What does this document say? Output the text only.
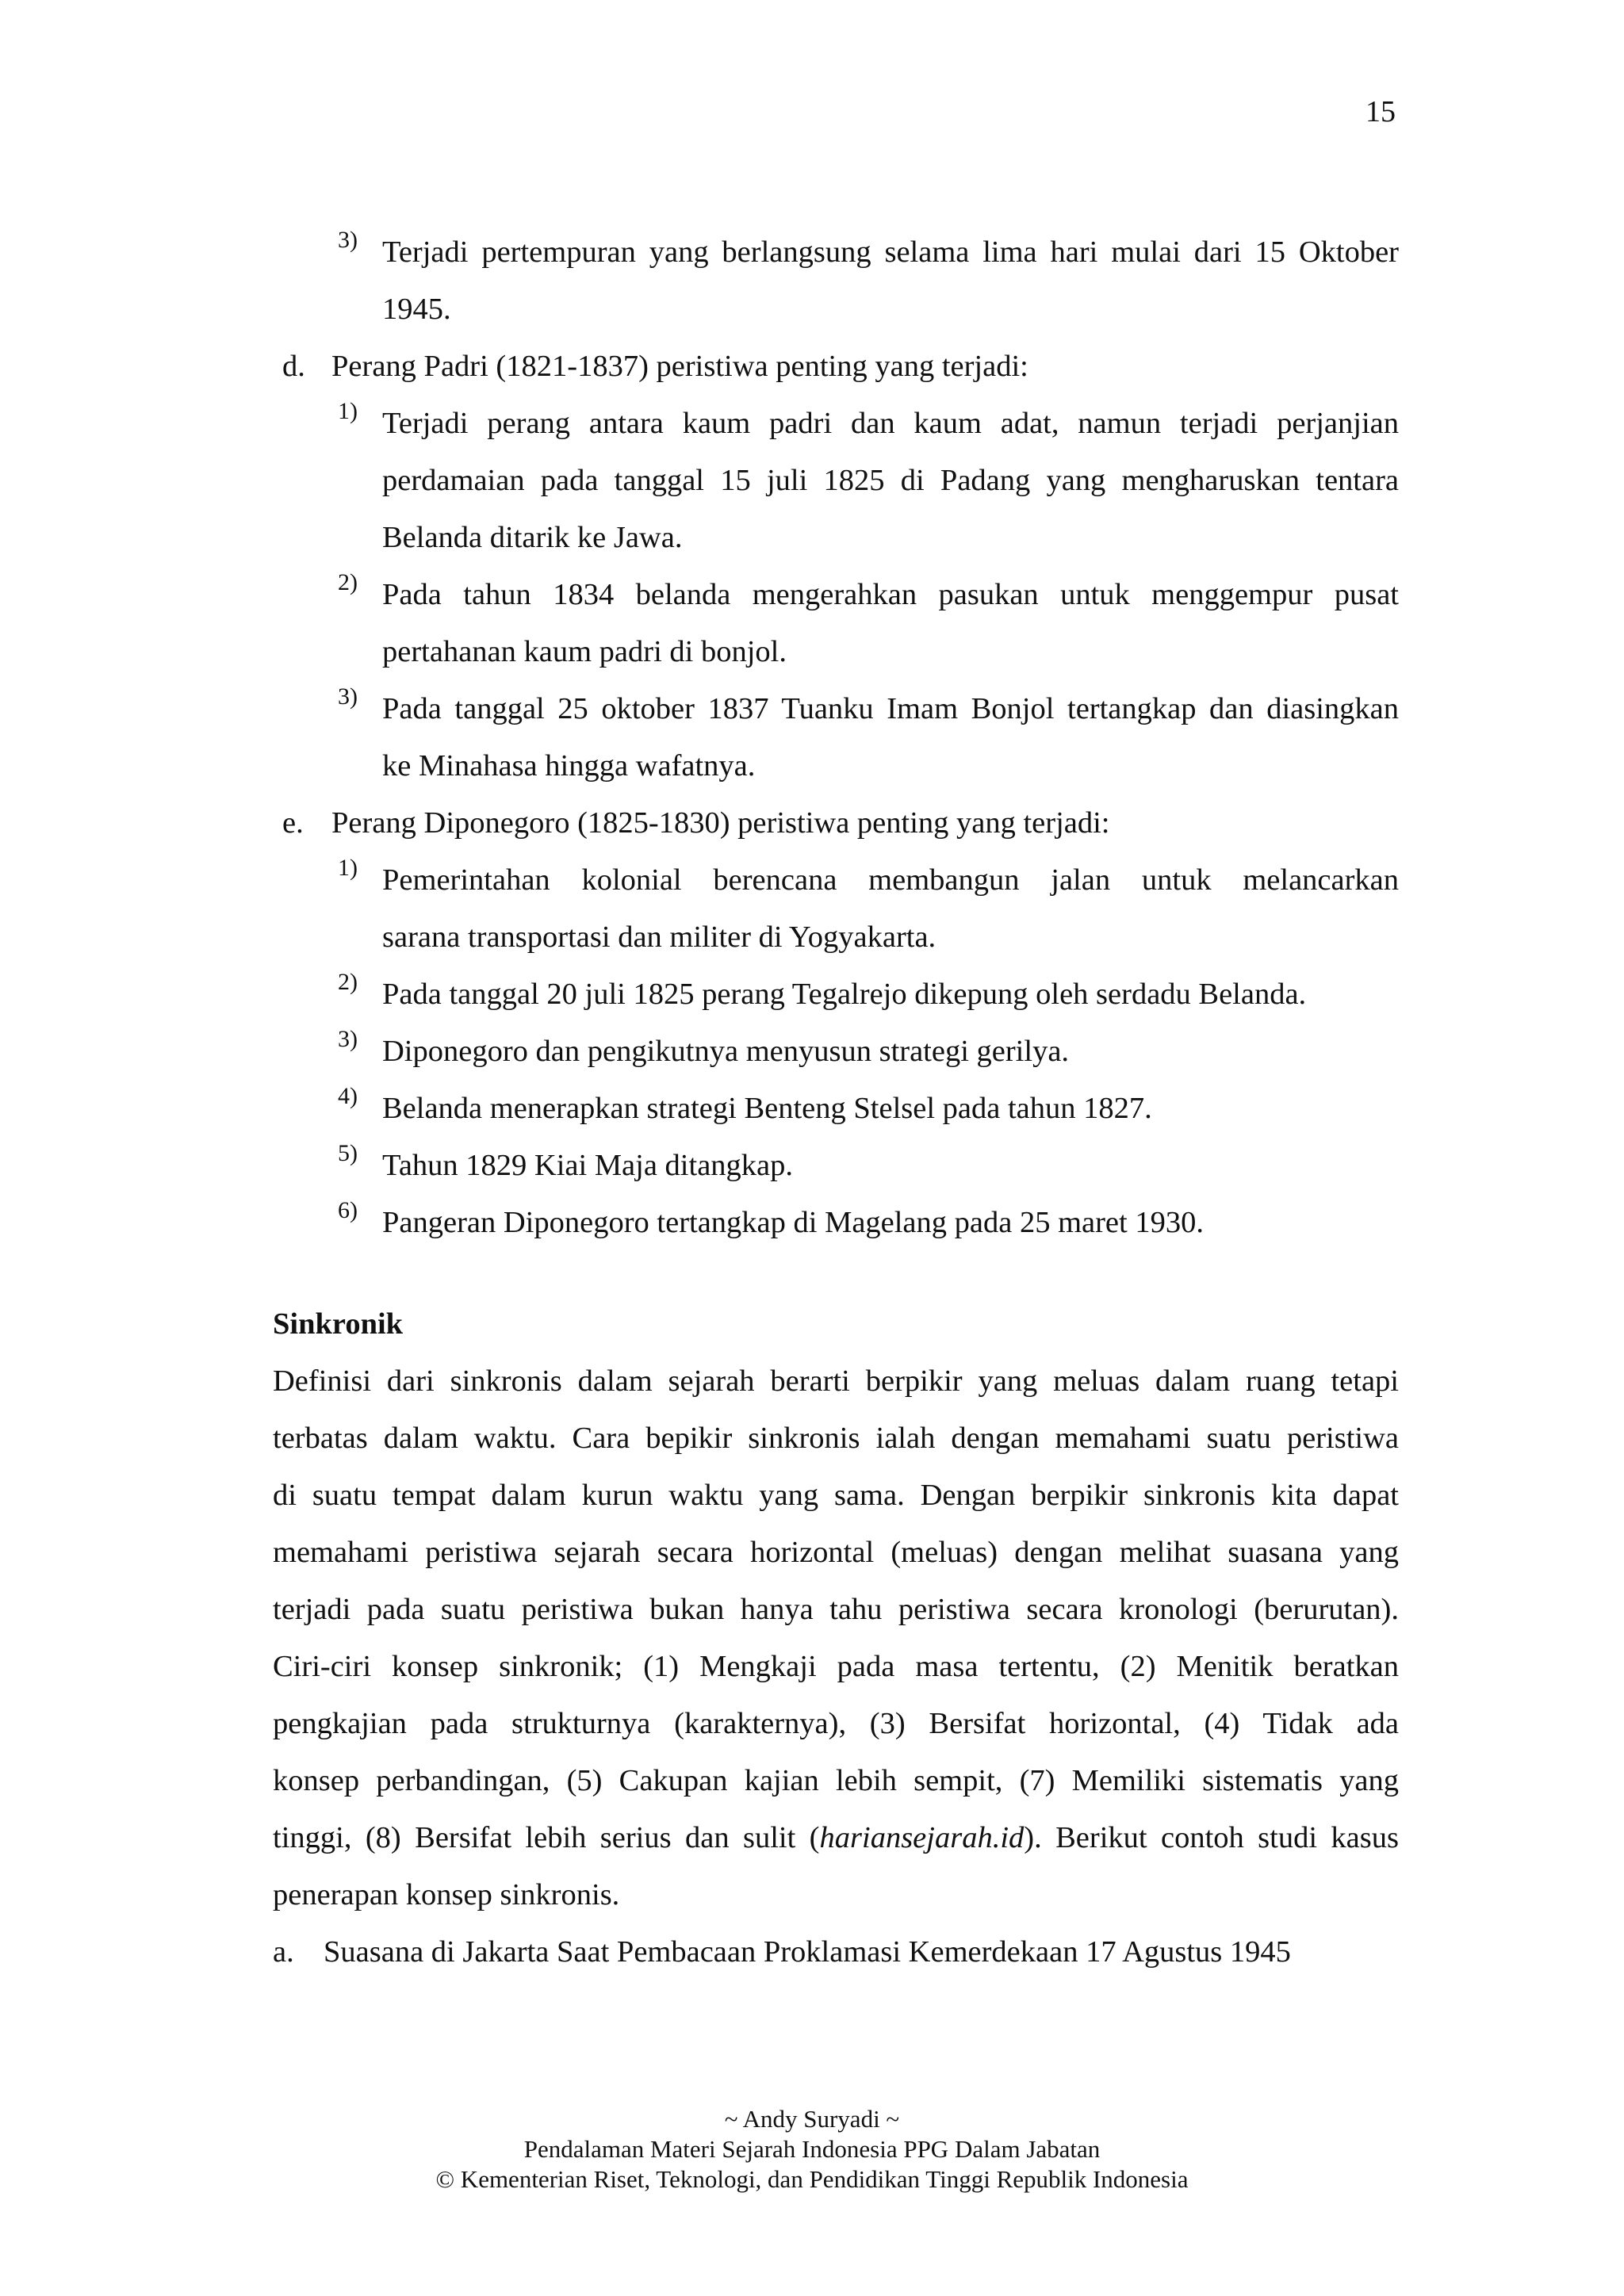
15
3) Terjadi pertempuran yang berlangsung selama lima hari mulai dari 15 Oktober
1945.
d. Perang Padri (1821-1837) peristiwa penting yang terjadi:
1) Terjadi perang antara kaum padri dan kaum adat, namun terjadi perjanjian
perdamaian pada tanggal 15 juli 1825 di Padang yang mengharuskan tentara
Belanda ditarik ke Jawa.
2) Pada tahun 1834 belanda mengerahkan pasukan untuk menggempur pusat
pertahanan kaum padri di bonjol.
3) Pada tanggal 25 oktober 1837 Tuanku Imam Bonjol tertangkap dan diasingkan
ke Minahasa hingga wafatnya.
e. Perang Diponegoro (1825-1830) peristiwa penting yang terjadi:
1) Pemerintahan kolonial berencana membangun jalan untuk melancarkan
sarana transportasi dan militer di Yogyakarta.
2) Pada tanggal 20 juli 1825 perang Tegalrejo dikepung oleh serdadu Belanda.
3) Diponegoro dan pengikutnya menyusun strategi gerilya.
4) Belanda menerapkan strategi Benteng Stelsel pada tahun 1827.
5) Tahun 1829 Kiai Maja ditangkap.
6) Pangeran Diponegoro tertangkap di Magelang pada 25 maret 1930.
Sinkronik
Definisi dari sinkronis dalam sejarah berarti berpikir yang meluas dalam ruang tetapi
terbatas dalam waktu. Cara bepikir sinkronis ialah dengan memahami suatu peristiwa
di suatu tempat dalam kurun waktu yang sama. Dengan berpikir sinkronis kita dapat
memahami peristiwa sejarah secara horizontal (meluas) dengan melihat suasana yang
terjadi pada suatu peristiwa bukan hanya tahu peristiwa secara kronologi (berurutan).
Ciri-ciri konsep sinkronik; (1) Mengkaji pada masa tertentu, (2) Menitik beratkan
pengkajian pada strukturnya (karakternya), (3) Bersifat horizontal, (4) Tidak ada
konsep perbandingan, (5) Cakupan kajian lebih sempit, (7) Memiliki sistematis yang
tinggi, (8) Bersifat lebih serius dan sulit (hariansejarah.id). Berikut contoh studi kasus
penerapan konsep sinkronis.
a. Suasana di Jakarta Saat Pembacaan Proklamasi Kemerdekaan 17 Agustus 1945
~ Andy Suryadi ~
Pendalaman Materi Sejarah Indonesia PPG Dalam Jabatan
© Kementerian Riset, Teknologi, dan Pendidikan Tinggi Republik Indonesia
